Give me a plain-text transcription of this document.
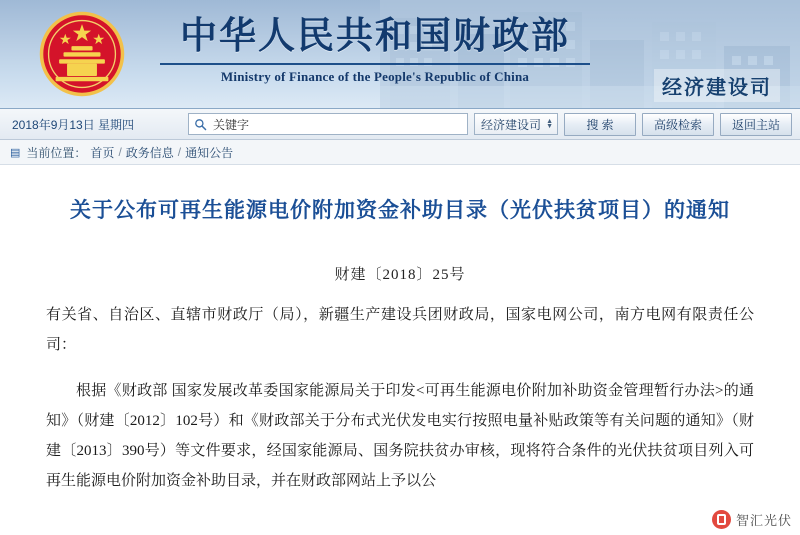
中华人民共和国财政部
Ministry of Finance of the People's Republic of China
经济建设司
2018年9月13日 星期四
关键字	经济建设司 ▲
▼	搜 索	高级检索	返回主站
▤ 当前位置： 首页 / 政务信息 / 通知公告
关于公布可再生能源电价附加资金补助目录（光伏扶贫项目）的通知
财建〔2018〕25号
有关省、自治区、直辖市财政厅（局），新疆生产建设兵团财政局，国家电网公司，南方电网有限责任公司：
根据《财政部 国家发展改革委国家能源局关于印发<可再生能源电价附加补助资金管理暂行办法>的通知》（财建〔2012〕102号）和《财政部关于分布式光伏发电实行按照电量补贴政策等有关问题的通知》（财建〔2013〕390号）等文件要求，经国家能源局、国务院扶贫办审核，现将符合条件的光伏扶贫项目列入可再生能源电价附加资金补助目录，并在财政部网站上予以公
智汇光伏
